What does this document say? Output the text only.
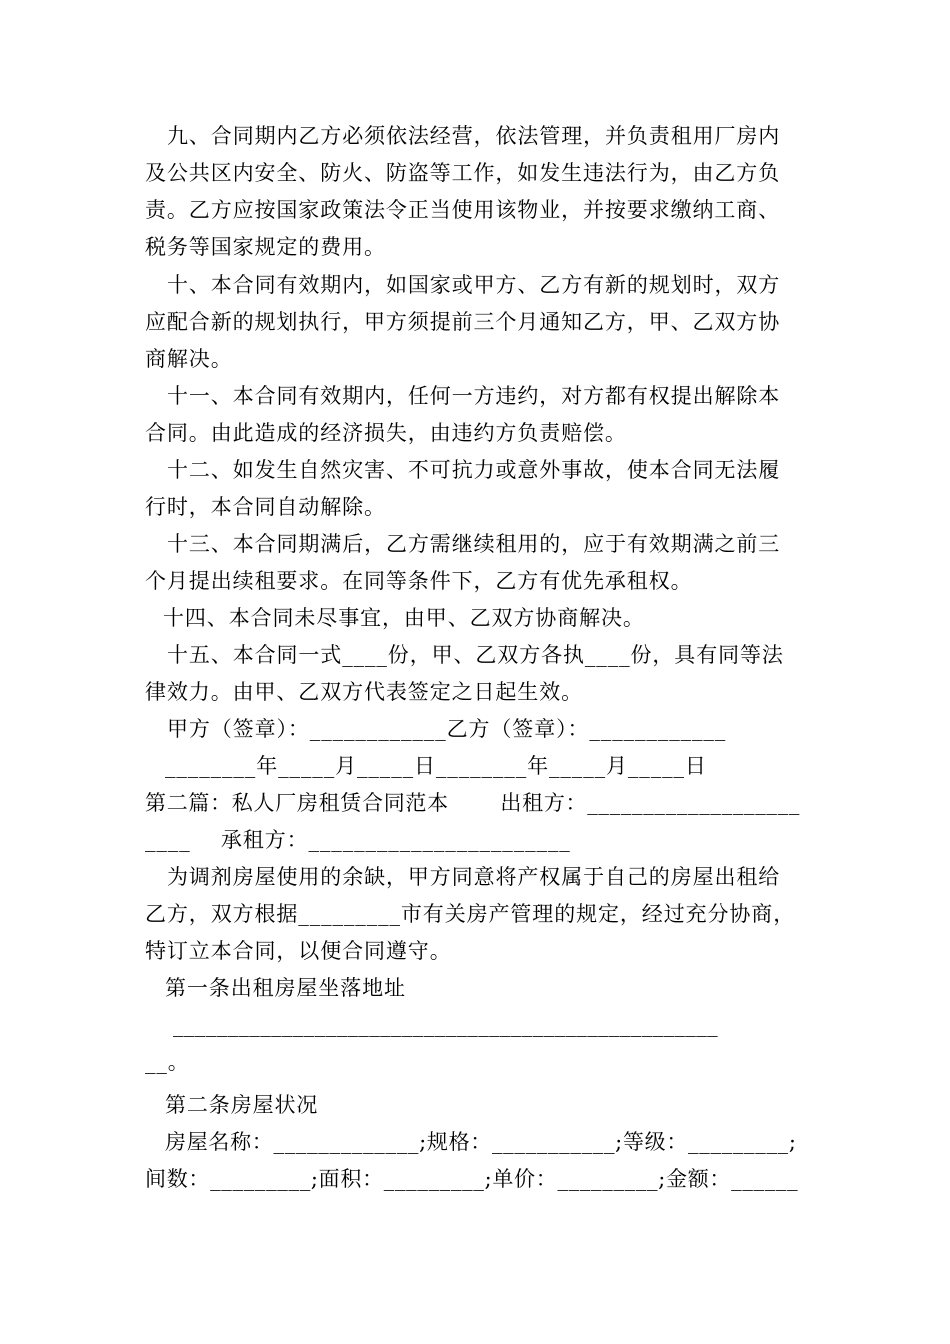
九、合同期内乙方必须依法经营，依法管理，并负责租用厂房内
及公共区内安全、防火、防盗等工作，如发生违法行为，由乙方负
责。乙方应按国家政策法令正当使用该物业，并按要求缴纳工商、
税务等国家规定的费用。
十、本合同有效期内，如国家或甲方、乙方有新的规划时，双方
应配合新的规划执行，甲方须提前三个月通知乙方，甲、乙双方协
商解决。
十一、本合同有效期内，任何一方违约，对方都有权提出解除本
合同。由此造成的经济损失，由违约方负责赔偿。
十二、如发生自然灾害、不可抗力或意外事故，使本合同无法履
行时，本合同自动解除。
十三、本合同期满后，乙方需继续租用的，应于有效期满之前三
个月提出续租要求。在同等条件下，乙方有优先承租权。
十四、本合同未尽事宜，由甲、乙双方协商解决。
十五、本合同一式____份，甲、乙双方各执____份，具有同等法
律效力。由甲、乙双方代表签定之日起生效。
甲方（签章）：____________乙方（签章）：____________
________年_____月_____日________年_____月_____日
第二篇：私人厂房租赁合同范本       出租方：___________________
____    承租方：_______________________
为调剂房屋使用的余缺，甲方同意将产权属于自己的房屋出租给
乙方，双方根据_________市有关房产管理的规定，经过充分协商，
特订立本合同，以便合同遵守。
第一条出租房屋坐落地址
__________________________________________________
__。
第二条房屋状况
房屋名称：_____________;规格：___________;等级：_________;
间数：_________;面积：_________;单价：_________;金额：______
